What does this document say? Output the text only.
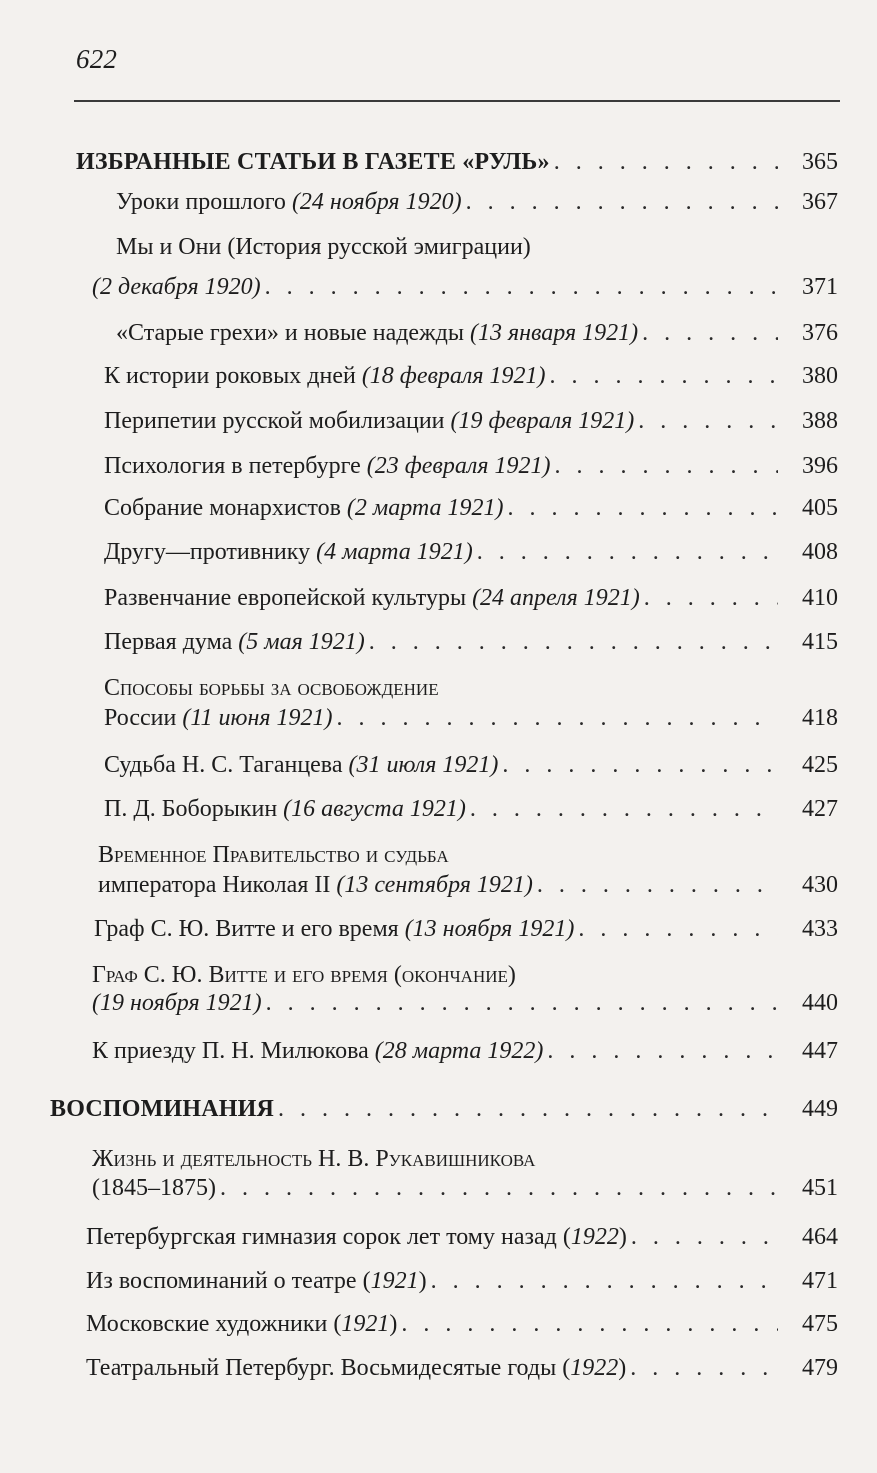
622
ИЗБРАННЫЕ СТАТЬИ В ГАЗЕТЕ «РУЛЬ» . . .	365
Уроки прошлого (24 ноября 1920) . . .	367
Мы и Они (История русской эмиграции)
(2 декабря 1920) . . .	371
«Старые грехи» и новые надежды (13 января 1921) . . .	376
К истории роковых дней (18 февраля 1921) . . .	380
Перипетии русской мобилизации (19 февраля 1921) . . .	388
Психология в петербурге (23 февраля 1921) . . .	396
Собрание монархистов (2 марта 1921) . . .	405
Другу—противнику (4 марта 1921) . . .	408
Развенчание европейской культуры (24 апреля 1921) . . .	410
Первая дума (5 мая 1921) . . .	415
Способы борьбы за освобождение
России (11 июня 1921) . . .	418
Судьба Н. С. Таганцева (31 июля 1921) . . .	425
П. Д. Боборыкин (16 августа 1921) . . .	427
Временное Правительство и судьба
императора Николая II (13 сентября 1921) . . .	430
Граф С. Ю. Витте и его время (13 ноября 1921) . . .	433
Граф С. Ю. Витте и его время (окончание)
(19 ноября 1921) . . .	440
К приезду П. Н. Милюкова (28 марта 1922) . . .	447
ВОСПОМИНАНИЯ . . .	449
Жизнь и деятельность Н. В. Рукавишникова
(1845–1875) . . .	451
Петербургская гимназия сорок лет тому назад (1922) . . .	464
Из воспоминаний о театре (1921) . . .	471
Московские художники (1921) . . .	475
Театральный Петербург. Восьмидесятые годы (1922) . . .	479
